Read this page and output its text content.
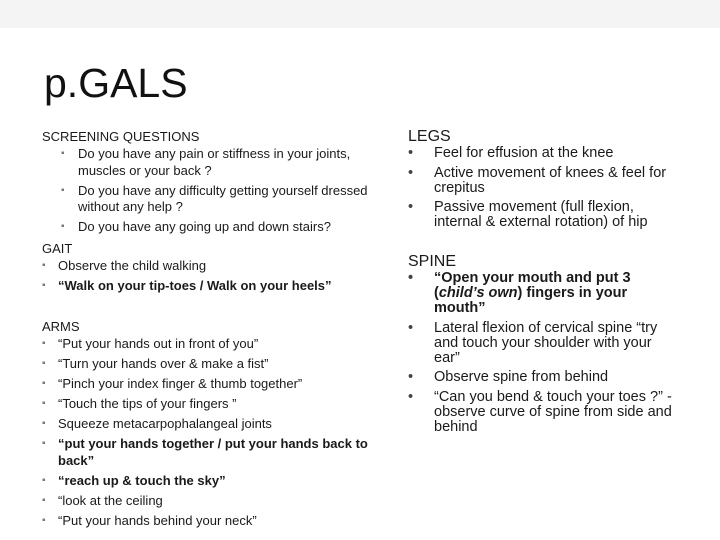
p.GALS

SCREENING QUESTIONS

▪ Do you have any pain or stiffness in your joints, muscles or your back ?
▪ Do you have any difficulty getting yourself dressed without any help ?
▪ Do you have any going up and down stairs?

GAIT

▪ Observe the child walking
▪ “Walk on your tip-toes / Walk on your heels”

ARMS

▪ “Put your hands out in front of you”
▪ “Turn your hands over & make a fist”
▪ “Pinch your index finger & thumb together”
▪ “Touch the tips of your fingers ”
▪ Squeeze metacarpophalangeal joints
▪ “put your hands together / put your hands back to back”
▪ “reach up & touch the sky”
▪ “look at the ceiling
▪ “Put your hands behind your neck”

LEGS

• Feel for effusion at the knee
• Active movement of knees & feel for crepitus
• Passive movement (full flexion, internal & external rotation) of hip

SPINE

• “Open your mouth and put 3 (child’s own) fingers in your mouth”
• Lateral flexion of cervical spine “try and touch your shoulder with your ear”
• Observe spine from behind
• “Can you bend & touch your toes ?” - observe curve of spine from side and behind
